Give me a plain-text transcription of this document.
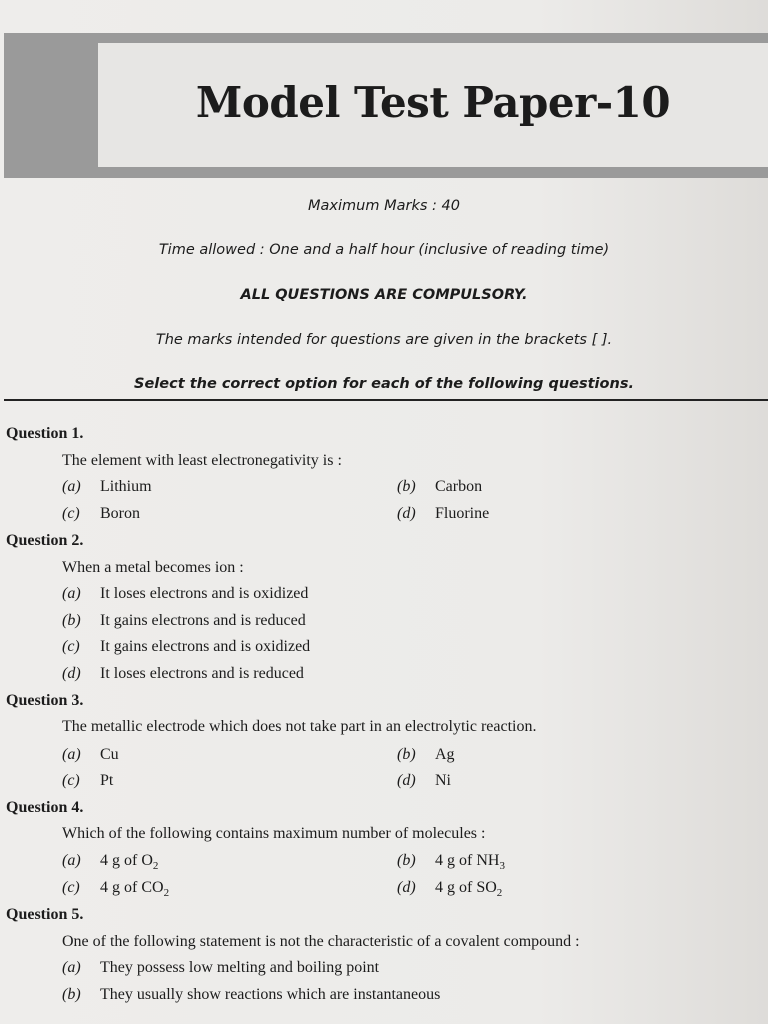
Model Test Paper-10
Maximum Marks : 40
Time allowed : One and a half hour (inclusive of reading time)
ALL QUESTIONS ARE COMPULSORY.
The marks intended for questions are given in the brackets [ ].
Select the correct option for each of the following questions.
Question 1.
The element with least electronegativity is :
(a) Lithium	(b) Carbon
(c) Boron	(d) Fluorine
Question 2.
When a metal becomes ion :
(a) It loses electrons and is oxidized
(b) It gains electrons and is reduced
(c) It gains electrons and is oxidized
(d) It loses electrons and is reduced
Question 3.
The metallic electrode which does not take part in an electrolytic reaction.
(a) Cu	(b) Ag
(c) Pt	(d) Ni
Question 4.
Which of the following contains maximum number of molecules :
(a) 4 g of $O_2$	(b) 4 g of $NH_3$
(c) 4 g of $CO_2$	(d) 4 g of $SO_2$
Question 5.
One of the following statement is not the characteristic of a covalent compound :
(a) They possess low melting and boiling point
(b) They usually show reactions which are instantaneous
